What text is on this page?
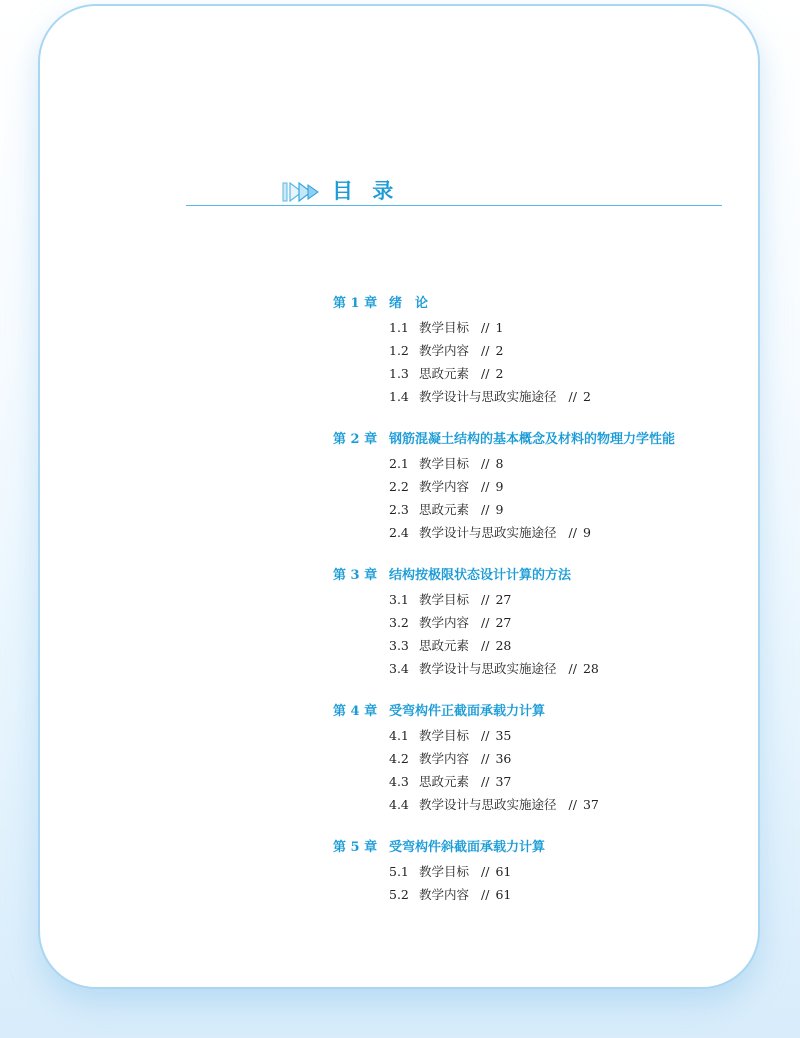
目 录
第 1 章 绪　论
1.1 教学目标 // 1
1.2 教学内容 // 2
1.3 思政元素 // 2
1.4 教学设计与思政实施途径 // 2
第 2 章 钢筋混凝土结构的基本概念及材料的物理力学性能
2.1 教学目标 // 8
2.2 教学内容 // 9
2.3 思政元素 // 9
2.4 教学设计与思政实施途径 // 9
第 3 章 结构按极限状态设计计算的方法
3.1 教学目标 // 27
3.2 教学内容 // 27
3.3 思政元素 // 28
3.4 教学设计与思政实施途径 // 28
第 4 章 受弯构件正截面承载力计算
4.1 教学目标 // 35
4.2 教学内容 // 36
4.3 思政元素 // 37
4.4 教学设计与思政实施途径 // 37
第 5 章 受弯构件斜截面承载力计算
5.1 教学目标 // 61
5.2 教学内容 // 61
